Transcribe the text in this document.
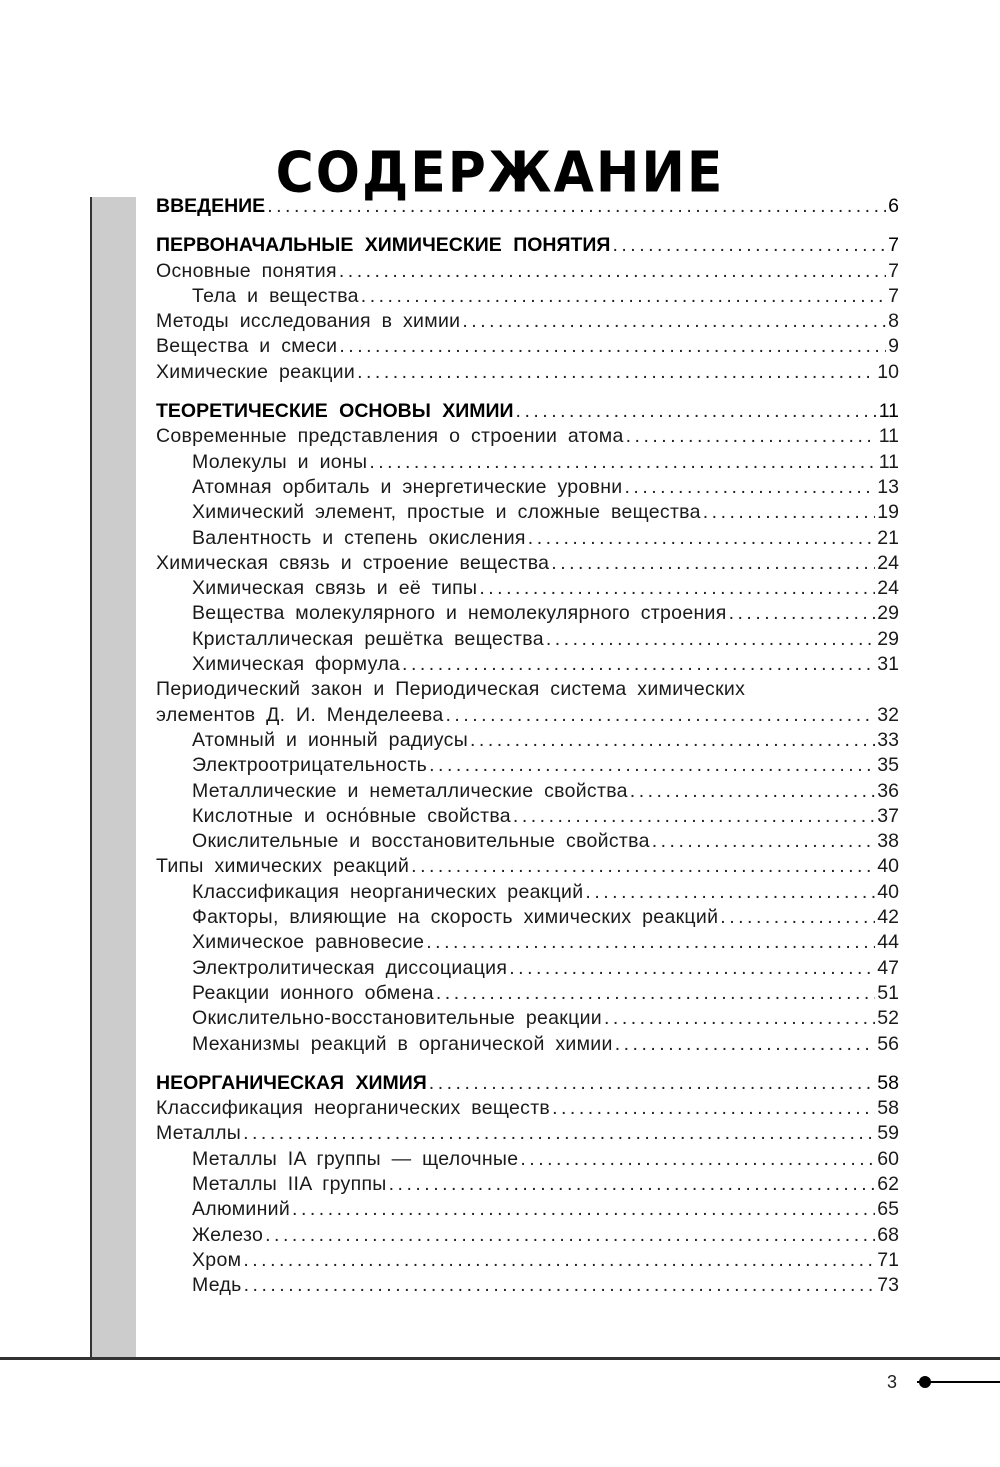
СОДЕРЖАНИЕ
ВВЕДЕНИЕ .....	6
ПЕРВОНАЧАЛЬНЫЕ ХИМИЧЕСКИЕ ПОНЯТИЯ .....	7
Основные понятия .....	7
Тела и вещества .....	7
Методы исследования в химии .....	8
Вещества и смеси .....	9
Химические реакции .....	10
ТЕОРЕТИЧЕСКИЕ ОСНОВЫ ХИМИИ .....	11
Современные представления о строении атома .....	11
Молекулы и ионы .....	11
Атомная орбиталь и энергетические уровни .....	13
Химический элемент, простые и сложные вещества .....	19
Валентность и степень окисления .....	21
Химическая связь и строение вещества .....	24
Химическая связь и её типы .....	24
Вещества молекулярного и немолекулярного строения .....	29
Кристаллическая решётка вещества .....	29
Химическая формула .....	31
Периодический закон и Периодическая система химических
элементов Д. И. Менделеева .....	32
Атомный и ионный радиусы .....	33
Электроотрицательность .....	35
Металлические и неметаллические свойства .....	36
Кислотные и осно́вные свойства .....	37
Окислительные и восстановительные свойства .....	38
Типы химических реакций .....	40
Классификация неорганических реакций .....	40
Факторы, влияющие на скорость химических реакций .....	42
Химическое равновесие .....	44
Электролитическая диссоциация .....	47
Реакции ионного обмена .....	51
Окислительно-восстановительные реакции .....	52
Механизмы реакций в органической химии .....	56
НЕОРГАНИЧЕСКАЯ ХИМИЯ .....	58
Классификация неорганических веществ .....	58
Металлы .....	59
Металлы IA группы — щелочные .....	60
Металлы IIA группы .....	62
Алюминий .....	65
Железо .....	68
Хром .....	71
Медь .....	73
3
